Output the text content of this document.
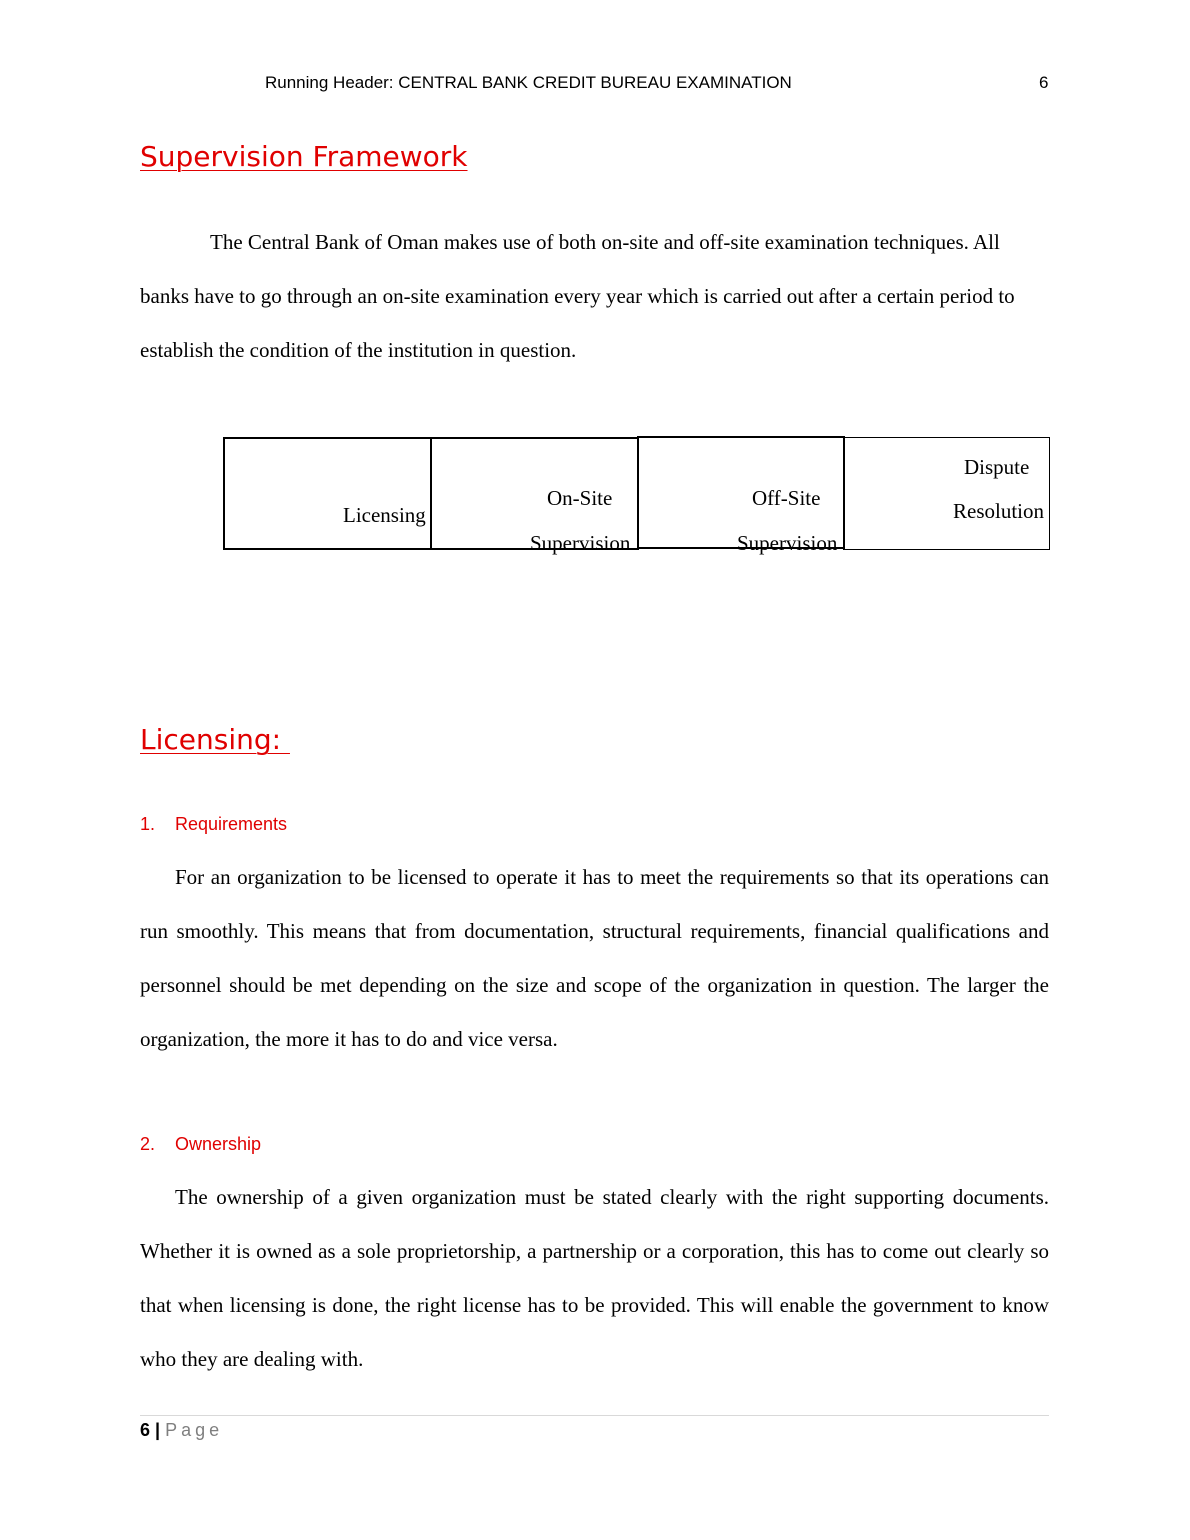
Running Header: CENTRAL BANK CREDIT BUREAU EXAMINATION	6
Supervision Framework
The Central Bank of Oman makes use of both on-site and off-site examination techniques. All banks have to go through an on-site examination every year which is carried out after a certain period to establish the condition of the institution in question.
Licensing
On-Site
Supervision
Off-Site
Supervision
Dispute
Resolution
Licensing:
1. Requirements
For an organization to be licensed to operate it has to meet the requirements so that its operations can run smoothly. This means that from documentation, structural requirements, financial qualifications and personnel should be met depending on the size and scope of the organization in question. The larger the organization, the more it has to do and vice versa.
2. Ownership
The ownership of a given organization must be stated clearly with the right supporting documents. Whether it is owned as a sole proprietorship, a partnership or a corporation, this has to come out clearly so that when licensing is done, the right license has to be provided. This will enable the government to know who they are dealing with.
6 | Page
